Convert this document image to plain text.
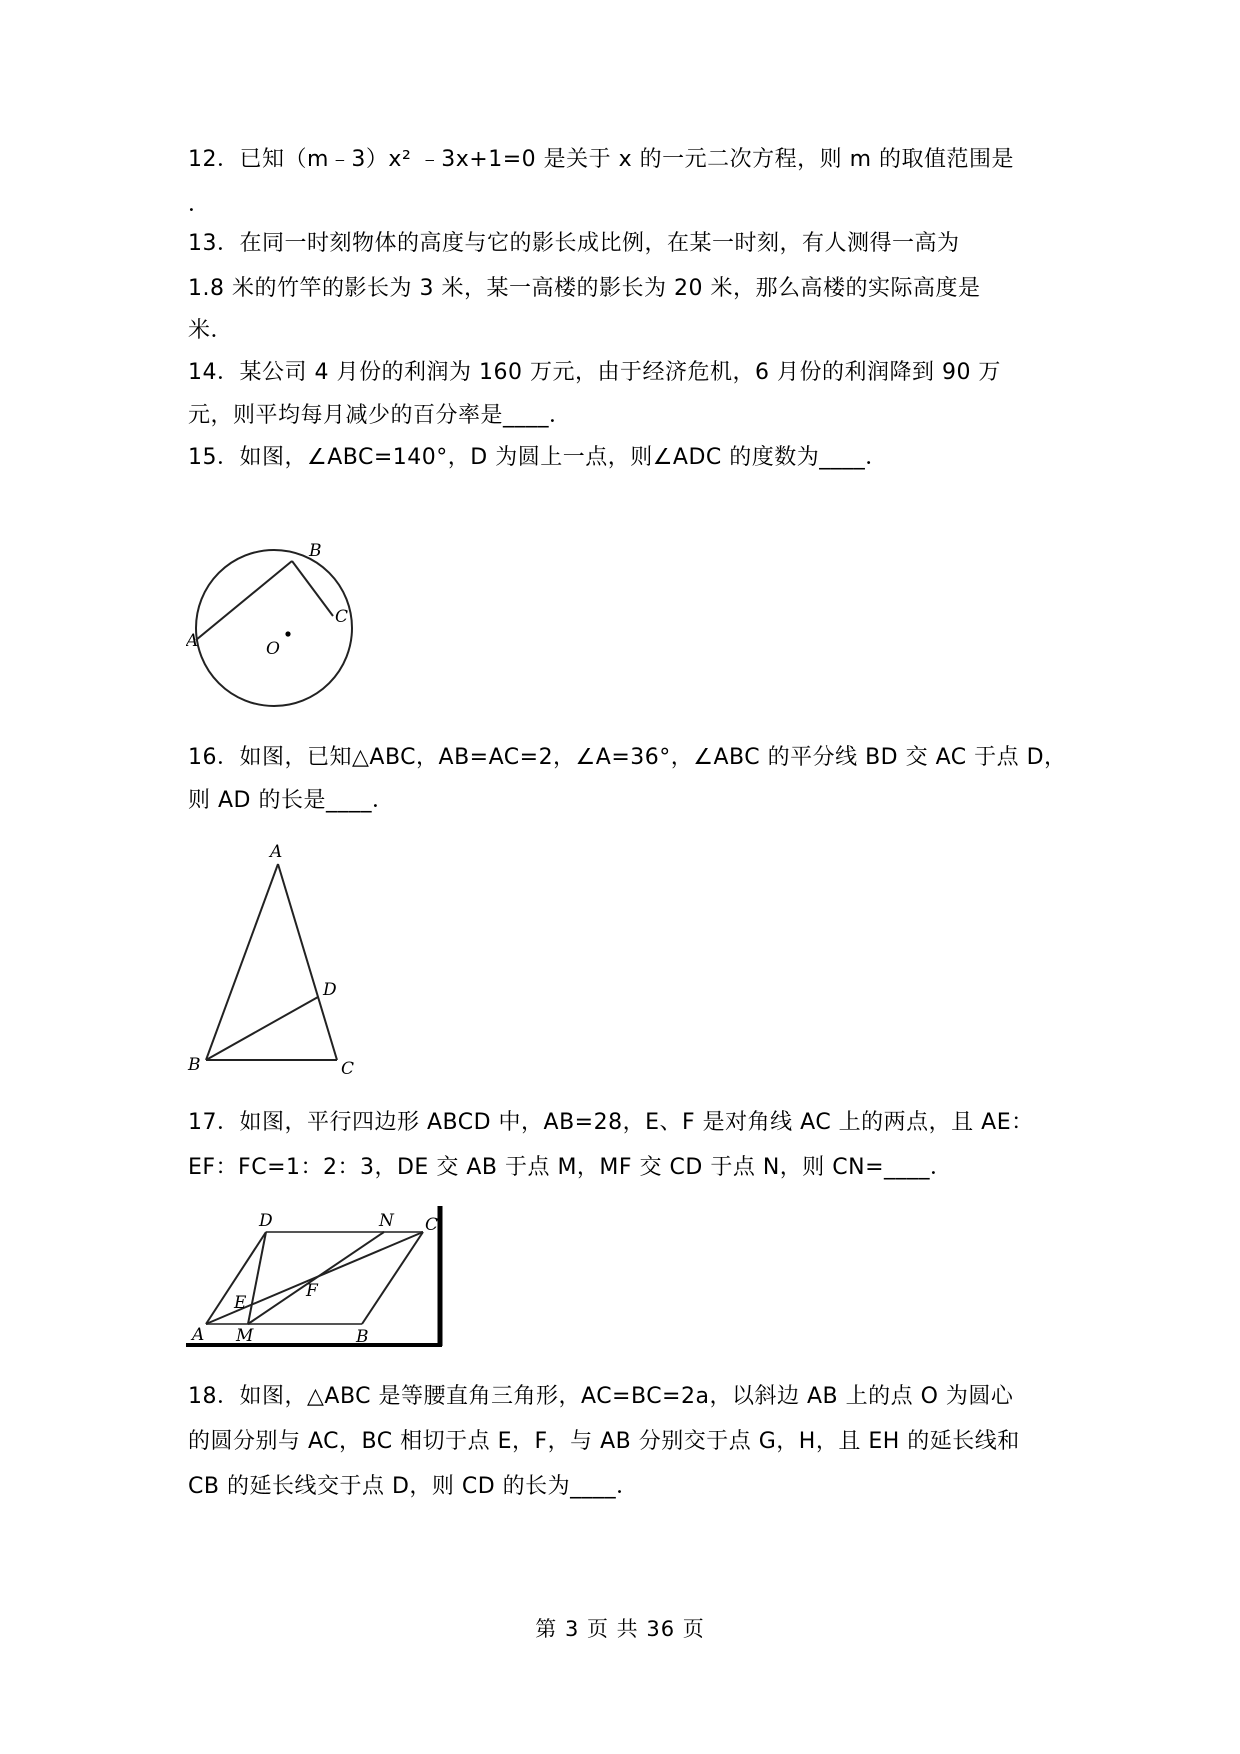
12．已知（m﹣3）x² ﹣3x+1=0 是关于 x 的一元二次方程，则 m 的取值范围是
．
13．在同一时刻物体的高度与它的影长成比例，在某一时刻，有人测得一高为
1.8 米的竹竿的影长为 3 米，某一高楼的影长为 20 米，那么高楼的实际高度是
米．
14．某公司 4 月份的利润为 160 万元，由于经济危机，6 月份的利润降到 90 万
元，则平均每月减少的百分率是____．
15．如图，∠ABC=140°，D 为圆上一点，则∠ADC 的度数为____．
B
A
C
O
16．如图，已知△ABC，AB=AC=2，∠A=36°，∠ABC 的平分线 BD 交 AC 于点 D，
则 AD 的长是____．
A
B	C
D
17．如图，平行四边形 ABCD 中，AB=28，E、F 是对角线 AC 上的两点，且 AE：
EF：FC=1：2：3，DE 交 AB 于点 M，MF 交 CD 于点 N，则 CN=____．
D	N C
E
F
A M	B
18．如图，△ABC 是等腰直角三角形，AC=BC=2a，以斜边 AB 上的点 O 为圆心
的圆分别与 AC，BC 相切于点 E，F，与 AB 分别交于点 G，H，且 EH 的延长线和
CB 的延长线交于点 D，则 CD 的长为____．
第 3 页 共 36 页
